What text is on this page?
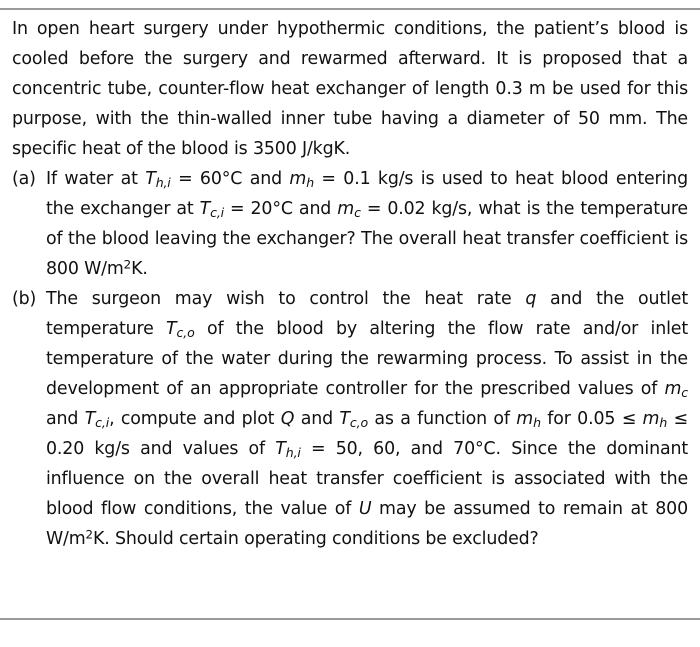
In open heart surgery under hypothermic conditions, the patient’s blood is cooled before the surgery and rewarmed afterward. It is proposed that a concentric tube, counter-flow heat exchanger of length 0.3 m be used for this purpose, with the thin-walled inner tube having a diameter of 50 mm. The specific heat of the blood is 3500 J/kgK.
(a) If water at $T_{h,i} = 60^\circ C$ and $m_h = 0.1$ kg/s is used to heat blood entering the exchanger at $T_{c,i} = 20^\circ C$ and $m_c = 0.02$ kg/s, what is the temperature of the blood leaving the exchanger? The overall heat transfer coefficient is 800 $W/m^2K$.
(b) The surgeon may wish to control the heat rate q and the outlet temperature $T_{c,o}$ of the blood by altering the flow rate and/or inlet temperature of the water during the rewarming process. To assist in the development of an appropriate controller for the prescribed values of $m_c$ and $T_{c,i}$, compute and plot Q and $T_{c,o}$ as a function of $m_h$ for $0.05 \le m_h \le 0.20$ kg/s and values of $T_{h,i} = 50$, 60, and 70°C. Since the dominant influence on the overall heat transfer coefficient is associated with the blood flow conditions, the value of U may be assumed to remain at 800 $W/m^2K$. Should certain operating conditions be excluded?
